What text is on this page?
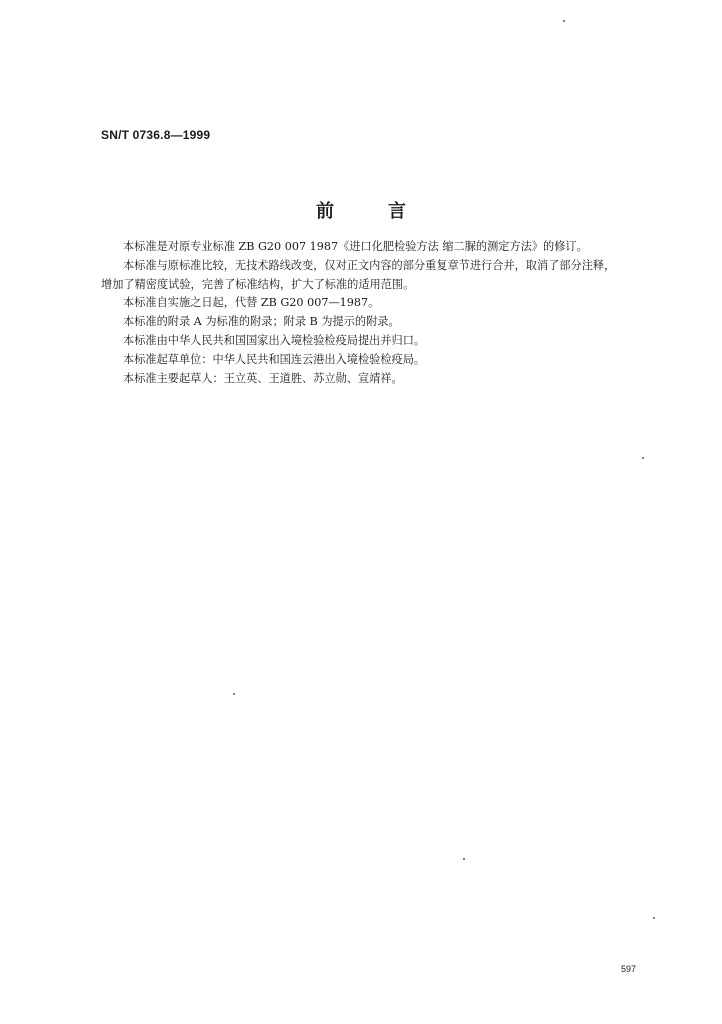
SN/T 0736.8—1999
前	言

本标准是对原专业标准 ZB G20 007 1987《进口化肥检验方法 缩二脲的测定方法》的修订。

本标准与原标准比较，无技术路线改变，仅对正文内容的部分重复章节进行合并，取消了部分注释，

增加了精密度试验，完善了标准结构，扩大了标准的适用范围。

本标准自实施之日起，代替 ZB G20 007—1987。

本标准的附录 A 为标准的附录；附录 B 为提示的附录。

本标准由中华人民共和国国家出入境检验检疫局提出并归口。

本标准起草单位：中华人民共和国连云港出入境检验检疫局。

本标准主要起草人：王立英、王道胜、苏立勋、宣靖祥。

597
